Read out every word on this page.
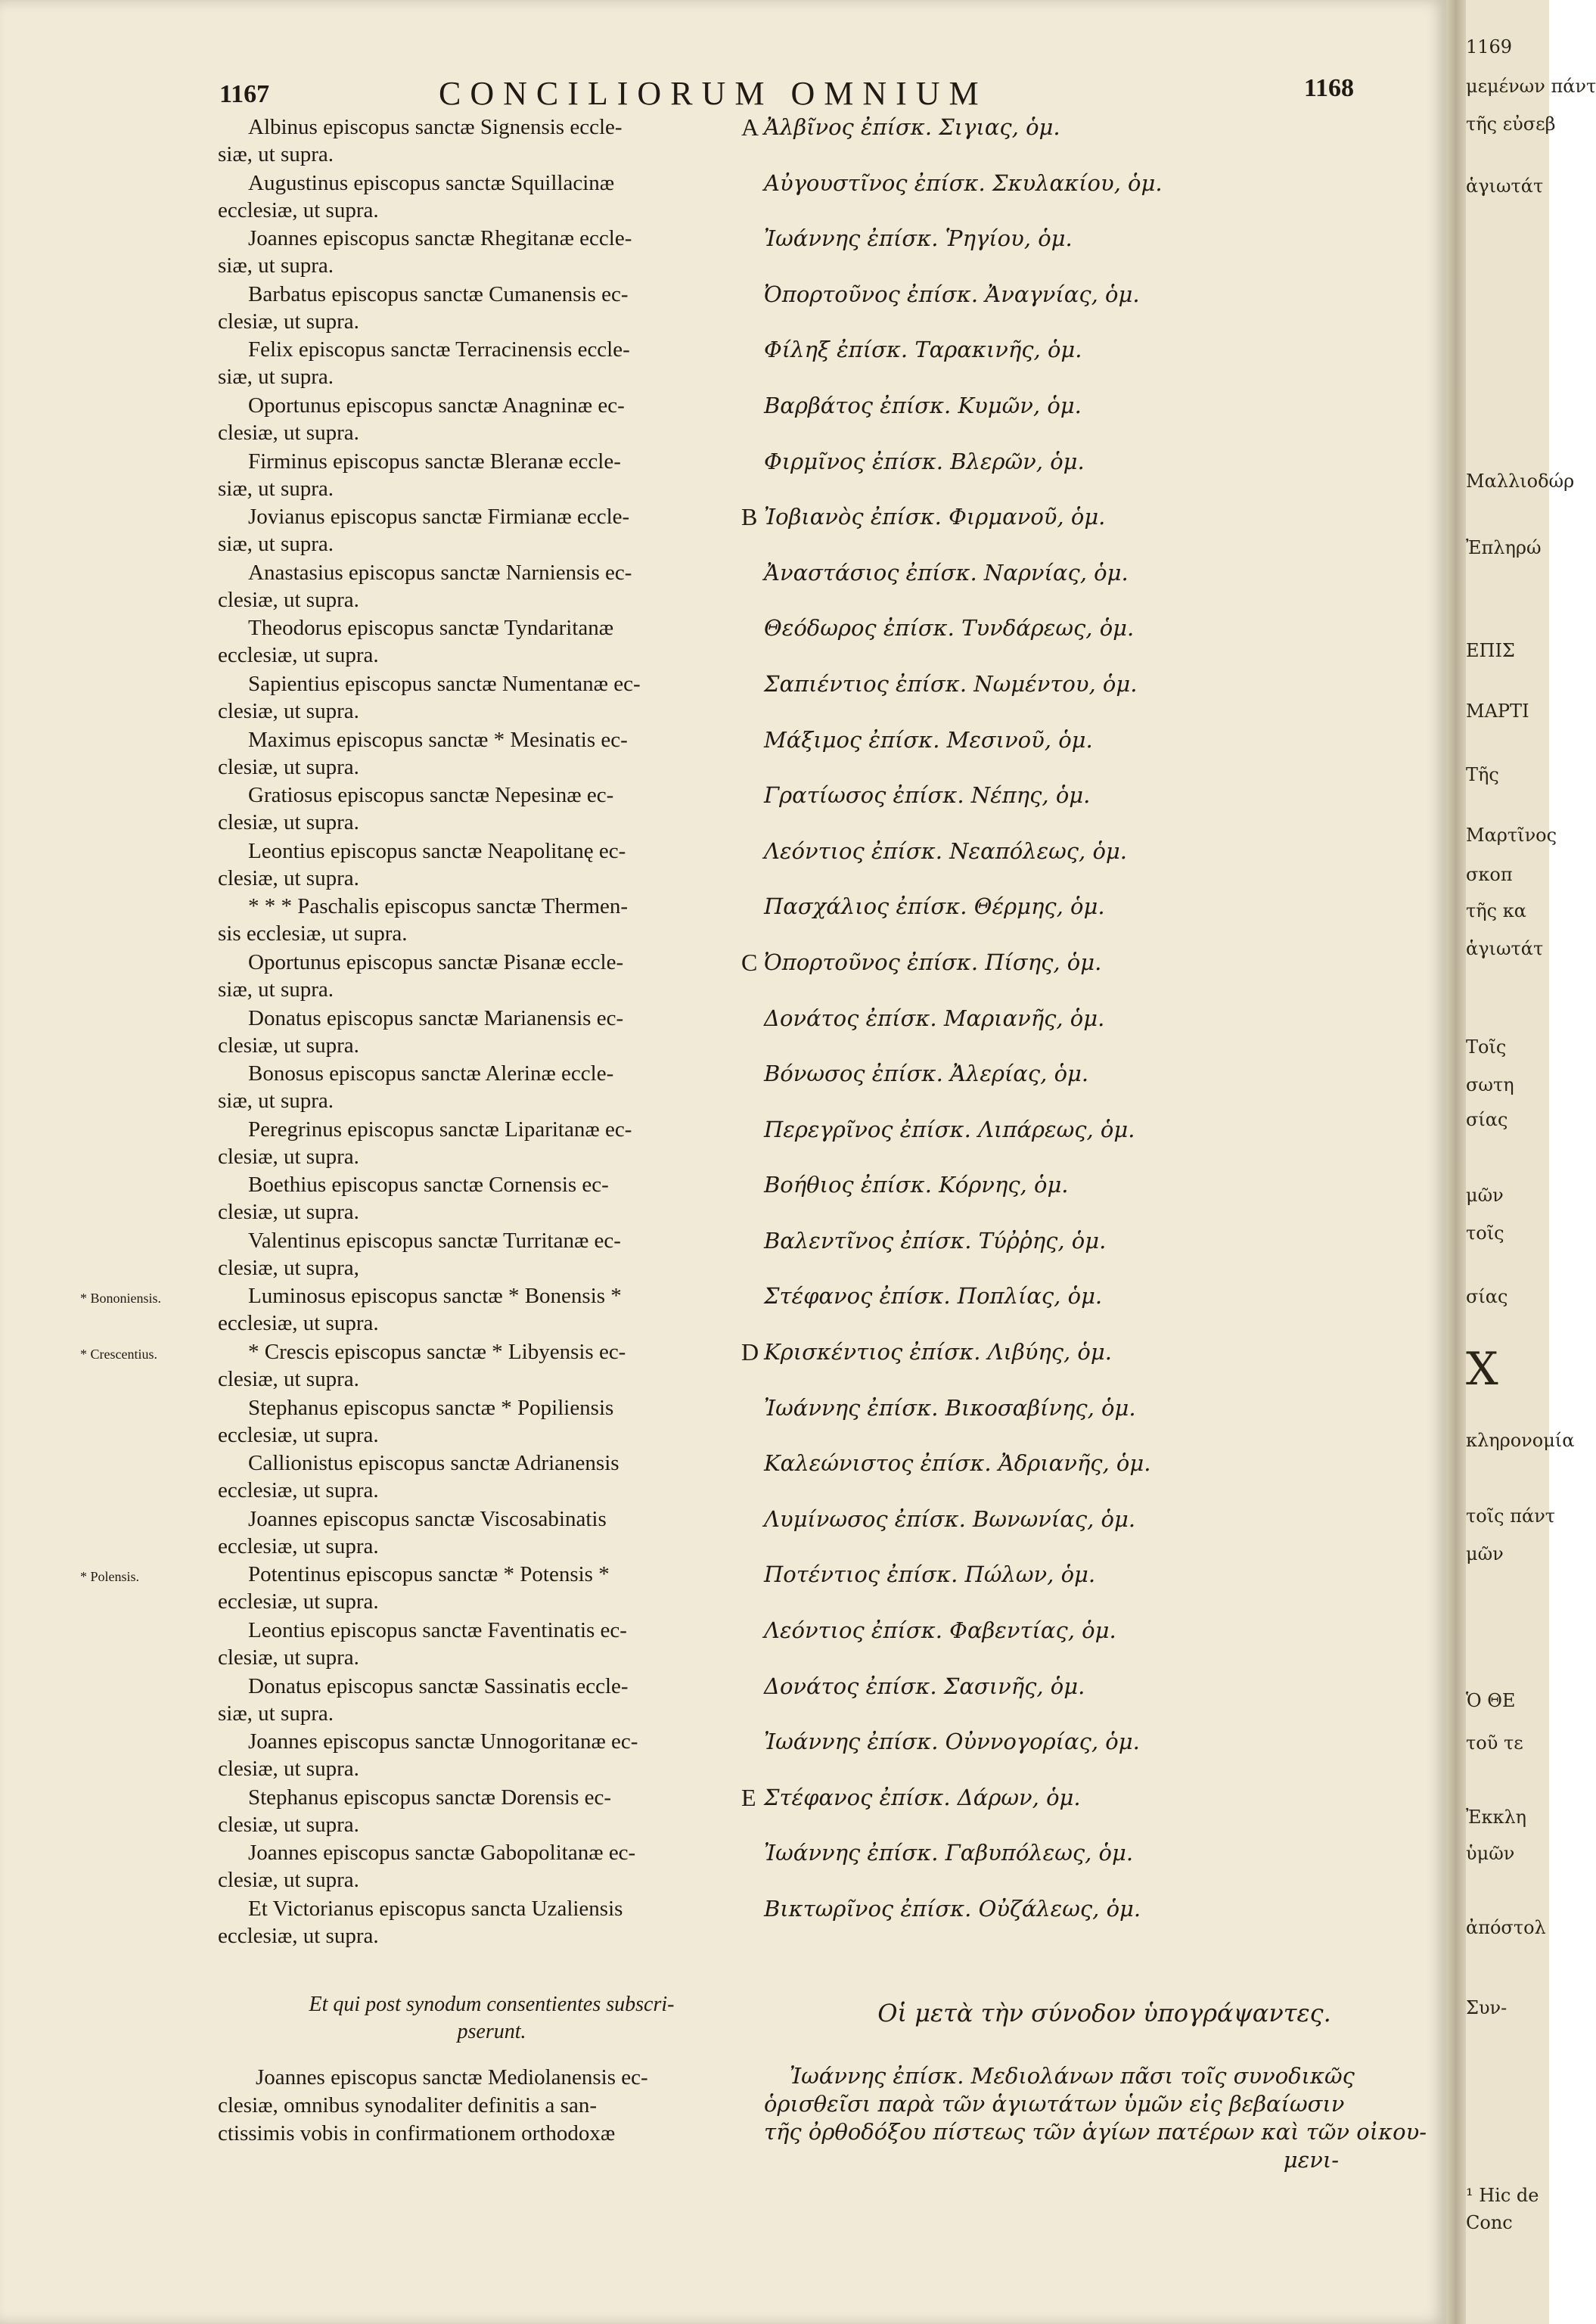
1167	CONCILIORUM OMNIUM	1168
Albinus episcopus sanctæ Signensis eccle-
siæ, ut supra.
A Ἀλβῖνος ἐπίσκ. Σιγιας, ὁμ.
Augustinus episcopus sanctæ Squillacinæ
ecclesiæ, ut supra.
Αὐγουστῖνος ἐπίσκ. Σκυλακίου, ὁμ.
Joannes episcopus sanctæ Rhegitanæ eccle-
siæ, ut supra.
Ἰωάννης ἐπίσκ. Ῥηγίου, ὁμ.
Barbatus episcopus sanctæ Cumanensis ec-
clesiæ, ut supra.
Ὀπορτοῦνος ἐπίσκ. Ἀναγνίας, ὁμ.
Felix episcopus sanctæ Terracinensis eccle-
siæ, ut supra.
Φίληξ ἐπίσκ. Ταρακινῆς, ὁμ.
Oportunus episcopus sanctæ Anagninæ ec-
clesiæ, ut supra.
Βαρβάτος ἐπίσκ. Κυμῶν, ὁμ.
Firminus episcopus sanctæ Bleranæ eccle-
siæ, ut supra.
Φιρμῖνος ἐπίσκ. Βλερῶν, ὁμ.
Jovianus episcopus sanctæ Firmianæ eccle-
siæ, ut supra.
B Ἰοβιανὸς ἐπίσκ. Φιρμανοῦ, ὁμ.
Anastasius episcopus sanctæ Narniensis ec-
clesiæ, ut supra.
Ἀναστάσιος ἐπίσκ. Ναρνίας, ὁμ.
Theodorus episcopus sanctæ Tyndaritanæ
ecclesiæ, ut supra.
Θεόδωρος ἐπίσκ. Τυνδάρεως, ὁμ.
Sapientius episcopus sanctæ Numentanæ ec-
clesiæ, ut supra.
Σαπιέντιος ἐπίσκ. Νωμέντου, ὁμ.
Maximus episcopus sanctæ * Mesinatis ec-
clesiæ, ut supra.
Μάξιμος ἐπίσκ. Μεσινοῦ, ὁμ.
Gratiosus episcopus sanctæ Nepesinæ ec-
clesiæ, ut supra.
Γρατίωσος ἐπίσκ. Νέπης, ὁμ.
Leontius episcopus sanctæ Neapolitanę ec-
clesiæ, ut supra.
Λεόντιος ἐπίσκ. Νεαπόλεως, ὁμ.
* * * Paschalis episcopus sanctæ Thermen-
sis ecclesiæ, ut supra.
Πασχάλιος ἐπίσκ. Θέρμης, ὁμ.
Oportunus episcopus sanctæ Pisanæ eccle-
siæ, ut supra.
C Ὀπορτοῦνος ἐπίσκ. Πίσης, ὁμ.
Donatus episcopus sanctæ Marianensis ec-
clesiæ, ut supra.
Δονάτος ἐπίσκ. Μαριανῆς, ὁμ.
Bonosus episcopus sanctæ Alerinæ eccle-
siæ, ut supra.
Βόνωσος ἐπίσκ. Ἀλερίας, ὁμ.
Peregrinus episcopus sanctæ Liparitanæ ec-
clesiæ, ut supra.
Περεγρῖνος ἐπίσκ. Λιπάρεως, ὁμ.
Boethius episcopus sanctæ Cornensis ec-
clesiæ, ut supra.
Βοήθιος ἐπίσκ. Κόρνης, ὁμ.
Valentinus episcopus sanctæ Turritanæ ec-
clesiæ, ut supra,
Βαλεντῖνος ἐπίσκ. Τύῤῥης, ὁμ.
Luminosus episcopus sanctæ * Bonensis *
ecclesiæ, ut supra.
Στέφανος ἐπίσκ. Ποπλίας, ὁμ.
* Bononiensis.
* Crescis episcopus sanctæ * Libyensis ec-
clesiæ, ut supra.
D Κρισκέντιος ἐπίσκ. Λιβύης, ὁμ.
* Crescentius.
Stephanus episcopus sanctæ * Popiliensis
ecclesiæ, ut supra.
Ἰωάννης ἐπίσκ. Βικοσαβίνης, ὁμ.
Callionistus episcopus sanctæ Adrianensis
ecclesiæ, ut supra.
Καλεώνιστος ἐπίσκ. Ἀδριανῆς, ὁμ.
Joannes episcopus sanctæ Viscosabinatis
ecclesiæ, ut supra.
Λυμίνωσος ἐπίσκ. Βωνωνίας, ὁμ.
Potentinus episcopus sanctæ * Potensis *
ecclesiæ, ut supra.
Ποτέντιος ἐπίσκ. Πώλων, ὁμ.
* Polensis.
Leontius episcopus sanctæ Faventinatis ec-
clesiæ, ut supra.
Λεόντιος ἐπίσκ. Φαβεντίας, ὁμ.
Donatus episcopus sanctæ Sassinatis eccle-
siæ, ut supra.
Δονάτος ἐπίσκ. Σασινῆς, ὁμ.
Joannes episcopus sanctæ Unnogoritanæ ec-
clesiæ, ut supra.
Ἰωάννης ἐπίσκ. Οὐννογορίας, ὁμ.
Stephanus episcopus sanctæ Dorensis ec-
clesiæ, ut supra.
E Στέφανος ἐπίσκ. Δάρων, ὁμ.
Joannes episcopus sanctæ Gabopolitanæ ec-
clesiæ, ut supra.
Ἰωάννης ἐπίσκ. Γαβυπόλεως, ὁμ.
Et Victorianus episcopus sancta Uzaliensis
ecclesiæ, ut supra.
Βικτωρῖνος ἐπίσκ. Οὐζάλεως, ὁμ.
Et qui post synodum consentientes subscri-
pserunt.
Οἱ μετὰ τὴν σύνοδον ὑπογράψαντες.
Joannes episcopus sanctæ Mediolanensis ec-
clesiæ, omnibus synodaliter definitis a san-
ctissimis vobis in confirmationem orthodoxæ
Ἰωάννης ἐπίσκ. Μεδιολάνων πᾶσι τοῖς συνοδικῶς
ὁρισθεῖσι παρὰ τῶν ἁγιωτάτων ὑμῶν εἰς βεβαίωσιν
τῆς ὀρθοδόξου πίστεως τῶν ἁγίων πατέρων καὶ τῶν οἰκου-
μενι-
1169
μεμένων πάντ
τῆς εὐσεβ
ἁγιωτάτ
Μαλλιοδώρ
Ἐπληρώ
ΕΠΙΣ
ΜΑΡΤΙ
Τῆς
Μαρτῖνος
σκοπ
τῆς κα
ἁγιωτάτ
Τοῖς
σωτη
σίας
μῶν
τοῖς
σίας
Χ
κληρονομία
τοῖς πάντ
μῶν
Ὁ ΘΕ
τοῦ τε
Ἐκκλη
ὑμῶν
ἀπόστολ
Συν-
¹ Hic de
Conc
